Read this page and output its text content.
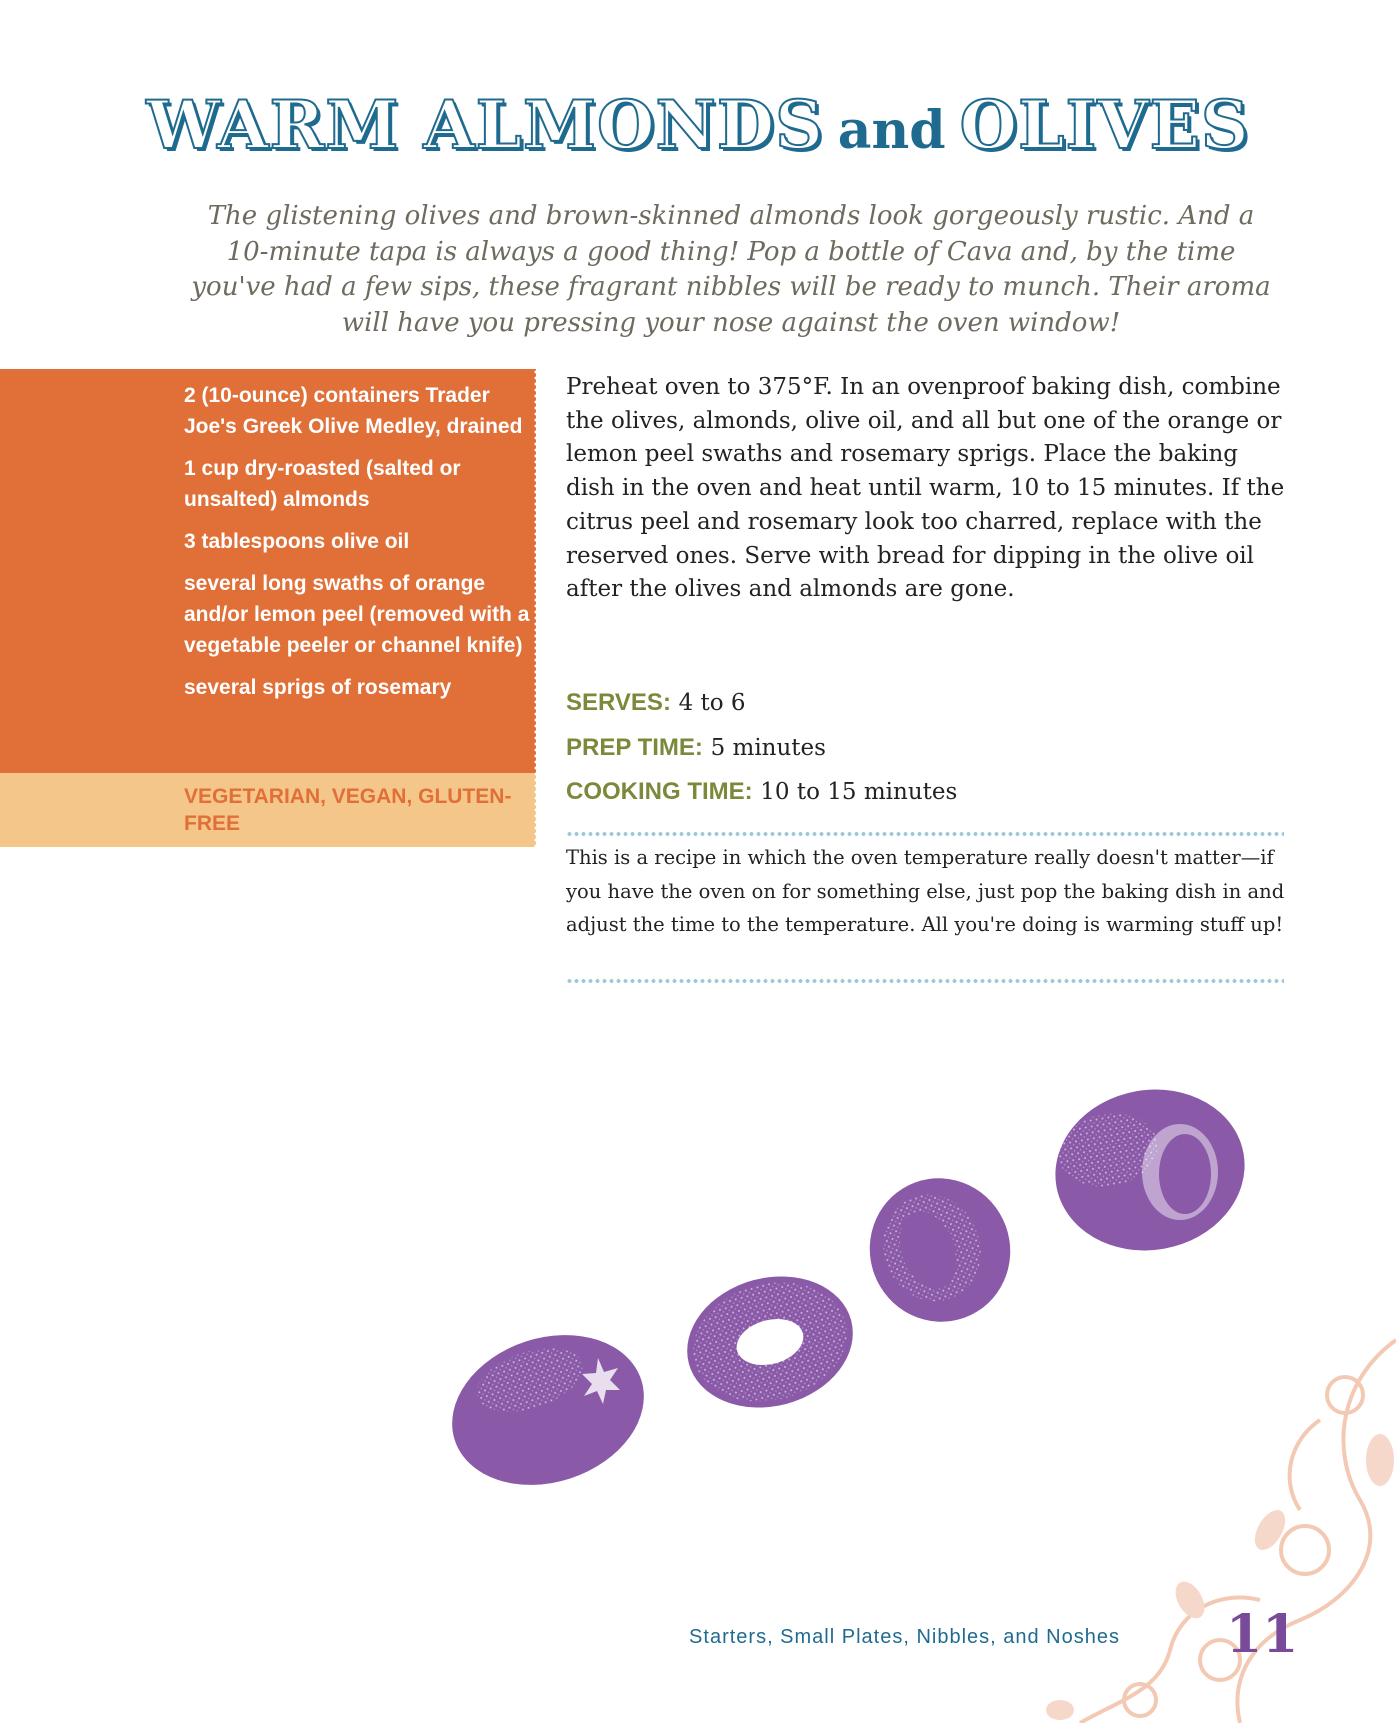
WARM ALMONDS and OLIVES

The glistening olives and brown-skinned almonds look gorgeously rustic. And a 10-minute tapa is always a good thing! Pop a bottle of Cava and, by the time you've had a few sips, these fragrant nibbles will be ready to munch. Their aroma will have you pressing your nose against the oven window!

2 (10-ounce) containers Trader Joe's Greek Olive Medley, drained
1 cup dry-roasted (salted or unsalted) almonds
3 tablespoons olive oil
several long swaths of orange and/or lemon peel (removed with a vegetable peeler or channel knife)
several sprigs of rosemary
VEGETARIAN, VEGAN, GLUTEN-FREE

Preheat oven to 375°F. In an ovenproof baking dish, combine the olives, almonds, olive oil, and all but one of the orange or lemon peel swaths and rosemary sprigs. Place the baking dish in the oven and heat until warm, 10 to 15 minutes. If the citrus peel and rosemary look too charred, replace with the reserved ones. Serve with bread for dipping in the olive oil after the olives and almonds are gone.

SERVES: 4 to 6

PREP TIME: 5 minutes

COOKING TIME: 10 to 15 minutes

This is a recipe in which the oven temperature really doesn't matter—if you have the oven on for something else, just pop the baking dish in and adjust the time to the temperature. All you're doing is warming stuff up!

Starters, Small Plates, Nibbles, and Noshes 11
